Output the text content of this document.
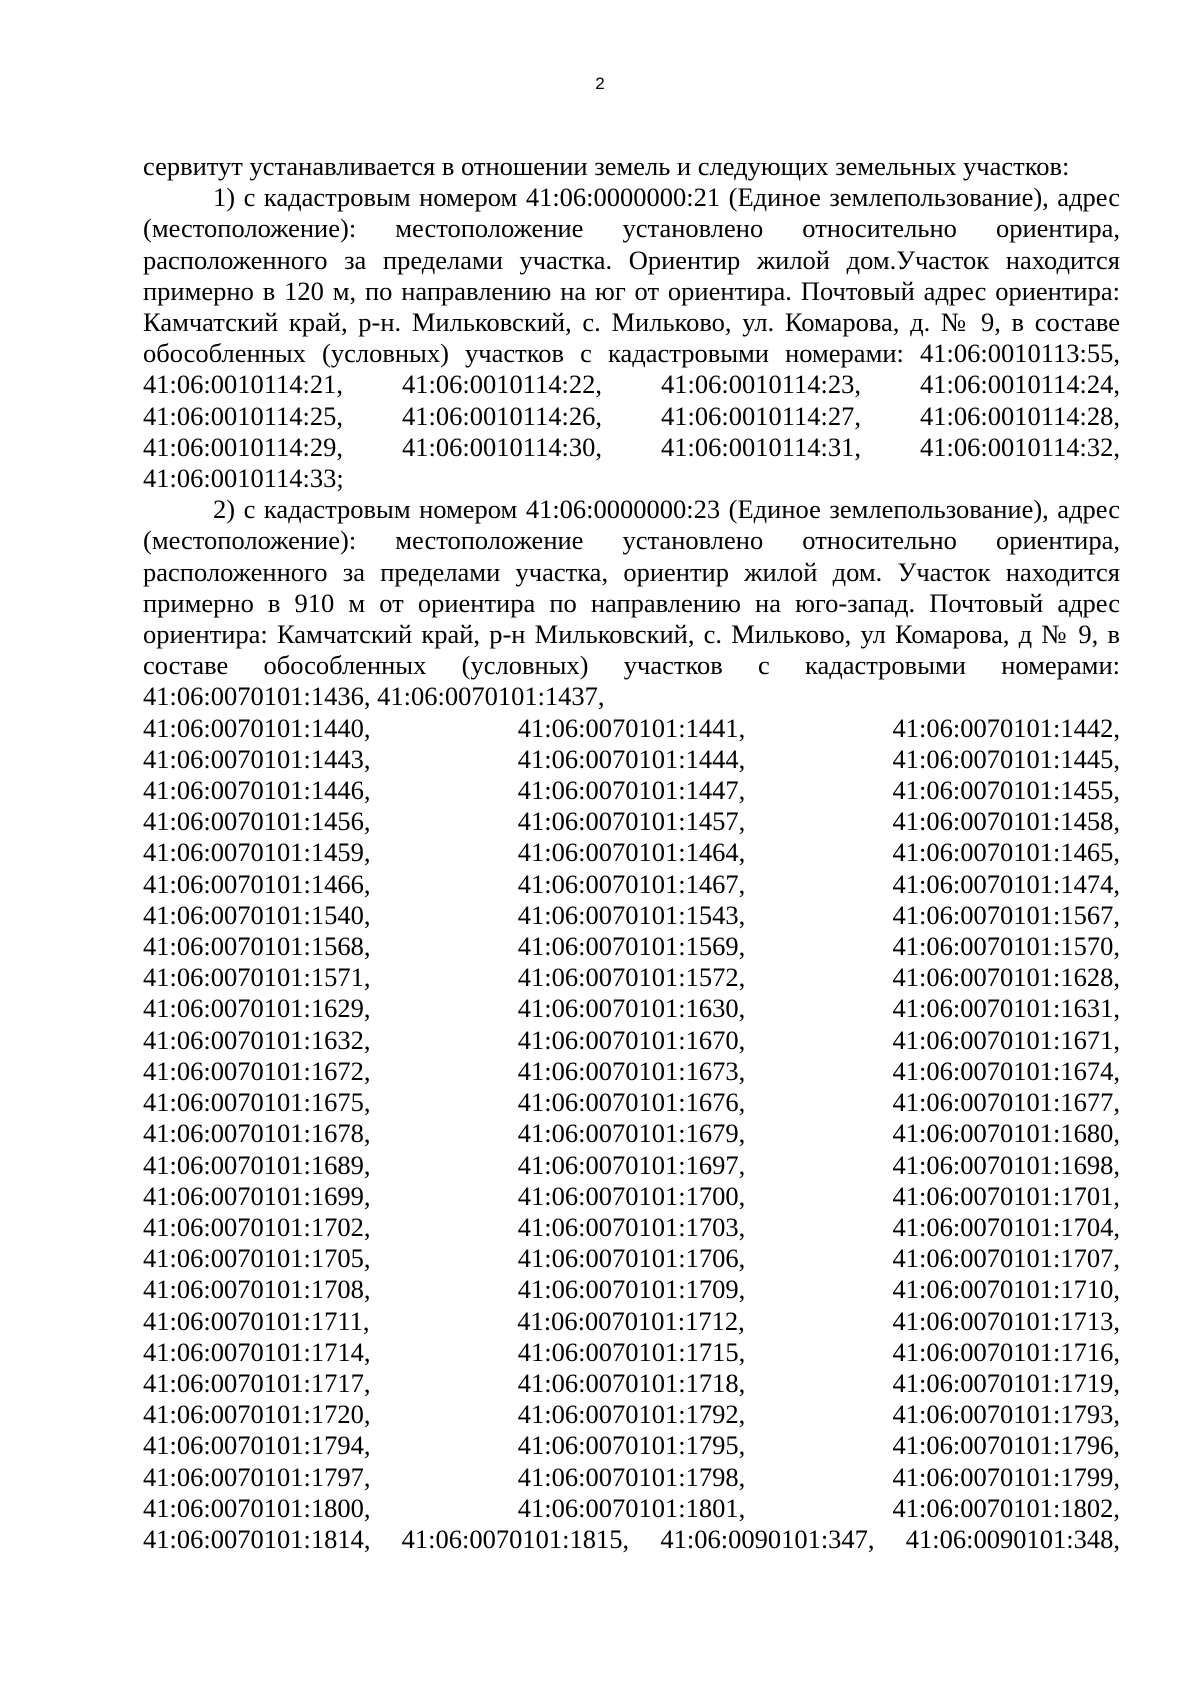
2

сервитут устанавливается в отношении земель и следующих земельных участков:

1) с кадастровым номером 41:06:0000000:21 (Единое землепользование), адрес (местоположение): местоположение установлено относительно ориентира, расположенного за пределами участка. Ориентир жилой дом.Участок находится примерно в 120 м, по направлению на юг от ориентира. Почтовый адрес ориентира: Камчатский край, р-н. Мильковский, с. Мильково, ул. Комарова, д. № 9, в составе обособленных (условных) участков с кадастровыми номерами: 41:06:0010113:55, 41:06:0010114:21, 41:06:0010114:22, 41:06:0010114:23, 41:06:0010114:24, 41:06:0010114:25, 41:06:0010114:26, 41:06:0010114:27, 41:06:0010114:28, 41:06:0010114:29, 41:06:0010114:30, 41:06:0010114:31, 41:06:0010114:32, 41:06:0010114:33;

2) с кадастровым номером 41:06:0000000:23 (Единое землепользование), адрес (местоположение): местоположение установлено относительно ориентира, расположенного за пределами участка, ориентир жилой дом. Участок находится примерно в 910 м от ориентира по направлению на юго-запад. Почтовый адрес ориентира: Камчатский край, р-н Мильковский, с. Мильково, ул Комарова, д № 9, в составе обособленных (условных) участков с кадастровыми номерами: 41:06:0070101:1436, 41:06:0070101:1437,

41:06:0070101:1440,	41:06:0070101:1441,	41:06:0070101:1442,
41:06:0070101:1443,	41:06:0070101:1444,	41:06:0070101:1445,
41:06:0070101:1446,	41:06:0070101:1447,	41:06:0070101:1455,
41:06:0070101:1456,	41:06:0070101:1457,	41:06:0070101:1458,
41:06:0070101:1459,	41:06:0070101:1464,	41:06:0070101:1465,
41:06:0070101:1466,	41:06:0070101:1467,	41:06:0070101:1474,
41:06:0070101:1540,	41:06:0070101:1543,	41:06:0070101:1567,
41:06:0070101:1568,	41:06:0070101:1569,	41:06:0070101:1570,
41:06:0070101:1571,	41:06:0070101:1572,	41:06:0070101:1628,
41:06:0070101:1629,	41:06:0070101:1630,	41:06:0070101:1631,
41:06:0070101:1632,	41:06:0070101:1670,	41:06:0070101:1671,
41:06:0070101:1672,	41:06:0070101:1673,	41:06:0070101:1674,
41:06:0070101:1675,	41:06:0070101:1676,	41:06:0070101:1677,
41:06:0070101:1678,	41:06:0070101:1679,	41:06:0070101:1680,
41:06:0070101:1689,	41:06:0070101:1697,	41:06:0070101:1698,
41:06:0070101:1699,	41:06:0070101:1700,	41:06:0070101:1701,
41:06:0070101:1702,	41:06:0070101:1703,	41:06:0070101:1704,
41:06:0070101:1705,	41:06:0070101:1706,	41:06:0070101:1707,
41:06:0070101:1708,	41:06:0070101:1709,	41:06:0070101:1710,
41:06:0070101:1711,	41:06:0070101:1712,	41:06:0070101:1713,
41:06:0070101:1714,	41:06:0070101:1715,	41:06:0070101:1716,
41:06:0070101:1717,	41:06:0070101:1718,	41:06:0070101:1719,
41:06:0070101:1720,	41:06:0070101:1792,	41:06:0070101:1793,
41:06:0070101:1794,	41:06:0070101:1795,	41:06:0070101:1796,
41:06:0070101:1797,	41:06:0070101:1798,	41:06:0070101:1799,
41:06:0070101:1800,	41:06:0070101:1801,	41:06:0070101:1802,
41:06:0070101:1814, 41:06:0070101:1815, 41:06:0090101:347, 41:06:0090101:348,
